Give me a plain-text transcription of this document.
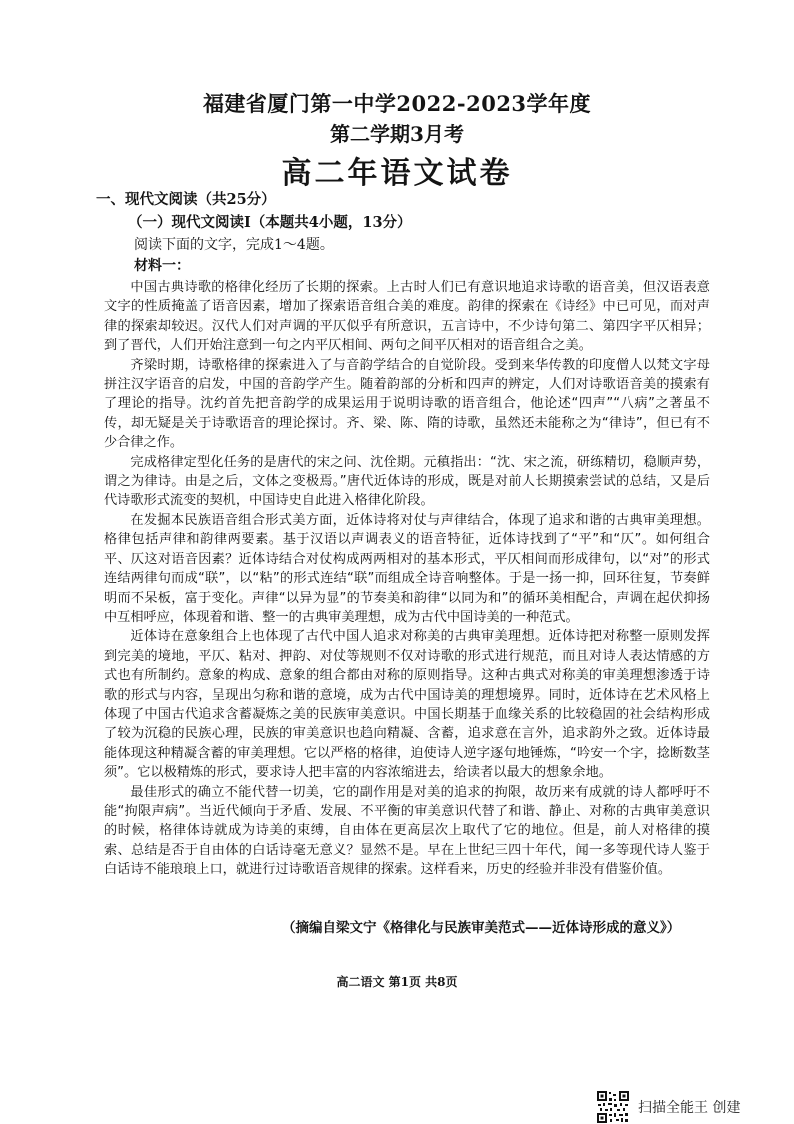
福建省厦门第一中学2022-2023学年度
第二学期3月考
高二年语文试卷
一、现代文阅读（共25分）
（一）现代文阅读Ⅰ（本题共4小题，13分）
阅读下面的文字，完成1～4题。
材料一：

中国古典诗歌的格律化经历了长期的探索。上古时人们已有意识地追求诗歌的语音美，但汉语表意文字的性质掩盖了语音因素，增加了探索语音组合美的难度。韵律的探索在《诗经》中已可见，而对声律的探索却较迟。汉代人们对声调的平仄似乎有所意识，五言诗中，不少诗句第二、第四字平仄相异；到了晋代，人们开始注意到一句之内平仄相间、两句之间平仄相对的语音组合之美。

齐梁时期，诗歌格律的探索进入了与音韵学结合的自觉阶段。受到来华传教的印度僧人以梵文字母拼注汉字语音的启发，中国的音韵学产生。随着韵部的分析和四声的辨定，人们对诗歌语音美的摸索有了理论的指导。沈约首先把音韵学的成果运用于说明诗歌的语音组合，他论述“四声”“八病”之著虽不传，却无疑是关于诗歌语音的理论探讨。齐、梁、陈、隋的诗歌，虽然还未能称之为“律诗”，但已有不少合律之作。

完成格律定型化任务的是唐代的宋之问、沈佺期。元稹指出：“沈、宋之流，研练精切，稳顺声势，谓之为律诗。由是之后，文体之变极焉。”唐代近体诗的形成，既是对前人长期摸索尝试的总结，又是后代诗歌形式流变的契机，中国诗史自此进入格律化阶段。

在发掘本民族语音组合形式美方面，近体诗将对仗与声律结合，体现了追求和谐的古典审美理想。格律包括声律和韵律两要素。基于汉语以声调表义的语音特征，近体诗找到了“平”和“仄”。如何组合平、仄这对语音因素？近体诗结合对仗构成两两相对的基本形式，平仄相间而形成律句，以“对”的形式连结两律句而成“联”，以“粘”的形式连结“联”而组成全诗音响整体。于是一扬一抑，回环往复，节奏鲜明而不呆板，富于变化。声律“以异为显”的节奏美和韵律“以同为和”的循环美相配合，声调在起伏抑扬中互相呼应，体现着和谐、整一的古典审美理想，成为古代中国诗美的一种范式。

近体诗在意象组合上也体现了古代中国人追求对称美的古典审美理想。近体诗把对称整一原则发挥到完美的境地，平仄、粘对、押韵、对仗等规则不仅对诗歌的形式进行规范，而且对诗人表达情感的方式也有所制约。意象的构成、意象的组合都由对称的原则指导。这种古典式对称美的审美理想渗透于诗歌的形式与内容，呈现出匀称和谐的意境，成为古代中国诗美的理想境界。同时，近体诗在艺术风格上体现了中国古代追求含蓄凝炼之美的民族审美意识。中国长期基于血缘关系的比较稳固的社会结构形成了较为沉稳的民族心理，民族的审美意识也趋向精凝、含蓄，追求意在言外，追求韵外之致。近体诗最能体现这种精凝含蓄的审美理想。它以严格的格律，迫使诗人逆字逐句地锤炼，“吟安一个字，捻断数茎须”。它以极精炼的形式，要求诗人把丰富的内容浓缩进去，给读者以最大的想象余地。

最佳形式的确立不能代替一切美，它的副作用是对美的追求的拘限，故历来有成就的诗人都呼吁不能“拘限声病”。当近代倾向于矛盾、发展、不平衡的审美意识代替了和谐、静止、对称的古典审美意识的时候，格律体诗就成为诗美的束缚，自由体在更高层次上取代了它的地位。但是，前人对格律的摸索、总结是否于自由体的白话诗毫无意义？显然不是。早在上世纪三四十年代，闻一多等现代诗人鉴于白话诗不能琅琅上口，就进行过诗歌语音规律的探索。这样看来，历史的经验并非没有借鉴价值。

（摘编自梁文宁《格律化与民族审美范式——近体诗形成的意义》）
高二语文 第1页 共8页
扫描全能王 创建
